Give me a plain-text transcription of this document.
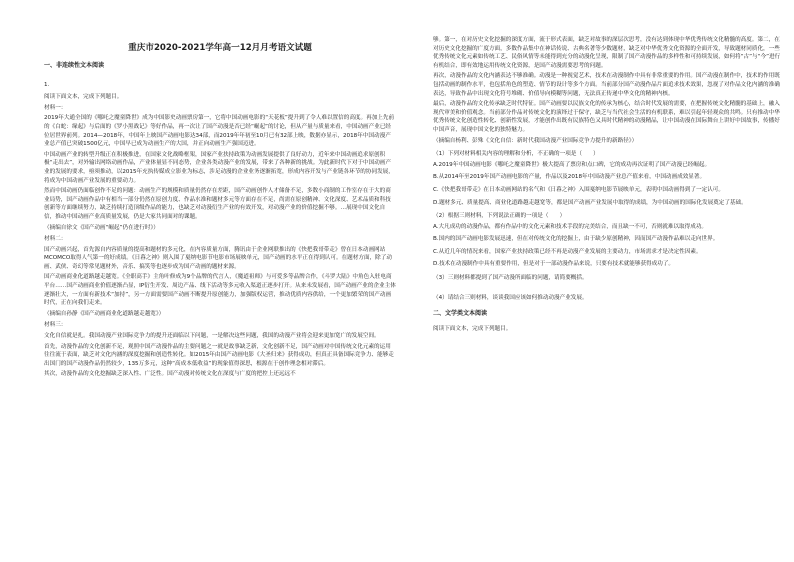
重庆市2020-2021学年高一12月月考语文试题
一、非连续性文本阅读
1.

阅读下面文本，完成下列题目。

材料一：

2019年大通全国的《哪吒之魔童降世》成为中国影史动画票房第一，它将中国动画电影的“天花板”提升到了令人难以置信的高度。再加上先前的《白蛇：缘起》与后面的《罗小黑战记》等好作品，再一次让了国产动漫是否已经“崛起”的讨论，但从产量与质量来看，中国动画产业已经位居世界前列。2014—2018年，中国年上映国产动画电影达34部，而2019年年初至10月已有32部上映，数据亦显示，2018年中国动漫产业总产值已突破1500亿元，中国早已成为动画生产的大国，并正向动画生产强国迈进。

中国动画产业的转型升级正在积极推进，在国家文化战略框架，国家产业扶持政策为动画发展提供了良好动力，近年来中国动画追求原创积极“走出去”，对外输出网络动画作品，产业体量显不同态势，企业各类动漫产业的发展，带来了各种新的挑战。为此新时代下对于中国动画产业的发展的要求，亟须推动，以2015年充执传媒成立影业为标志，涉足动漫的企业业务逐渐拓宽，形成内容开发与产业链各环节的协同发展，将成为中国动画产业发展的重要动力。

然而中国动画仍面临创作不足的问题：动画生产的规模和质量仍然存在差距，国产动画创作人才储备不足，多数小商制的工作室存在于大的商业局势，国产动画作品中有相当一部分仍然在原创力度、作品水准和题材多元等方面存在不足，尚需在原创精神、文化深度、艺术品质和科技创新等方面继续努力，缺乏持续打造顶级作品的能力，也缺乏对动漫衍生产业的有效开发，对动漫产业的价值挖掘不够。…展现中国文化自信，推动中国动画产业高质量发展，仍是大家共同面对的课题。

（摘编自徐文《国产动画“崛起”仍在进行时》）

材料二：

国产动画兴起，首先源自内容质量的提高和题材的多元化，在内容质量方面，腾讯由于企业网联推出的《快把我哥带走》曾在日本动画网站MCOMCO取得人气第一的好成绩。《日暮之神》则入围了戛纳电影节电影市场展映单元，国产动画的水平正在得到认可。在题材方面，除了动画、武侠、奇幻等常见题材外，音乐、搞笑等也逐步成为国产动画的题材来源。

国产动画商业化道路越走越宽。《全职高手》主角叶修成为9个品牌的代言人，《魔道祖师》与可爱多等品牌合作，《斗罗大陆》中角色入驻电商平台……国产动画商业价值逐渐凸显，IP衍生开发、周边产品、线下活动等多元收入渠道正逐步打开。从来未发展看，国产动画产业的企业主体逐渐壮大，一方面有新技术“加持”，另一方面需要国产动画不断提升原创能力，加强版权运营，推动优质内容供给，一个更加繁荣的国产动画时代，正在向我们走来。

（摘编自孙静《国产动画商业化道路越走越宽》）

材料三：

文化自信就是扎。我国动漫产业国际竞争力的提升还面临以下问题，一是解决这些问题，我国的动漫产业将会迎来更加宽广的发展空间。

首先，动漫作品的文化创新不足，观照中国产动漫作品的主要问题之一就是故事缺乏新，文化创新不足，国产动画对中国传统文化元素的运用往往流于表面，缺乏对文化内涵的深度挖掘和创造性转化。如2015年由国产动画电影《大圣归来》获得成功，但真正具备国际竞争力、能够走出国门的国产动漫作品仍然较少，135万多元，这种“高成本低收益”的现象值得深思，根源在于创作理念相对滞后。

其次，动漫作品的文化挖掘缺乏深入性、广泛性。国产动漫对传统文化在深度与广度的把控上还远远不

够。第一，在对历史文化挖掘的深度方面，流于形式表面，缺乏对故事的深层次思考，没有达到体现中华优秀传统文化精髓的高度。第二，在对历史文化挖掘的广度方面，多数作品集中在神话传说、古典名著等少数题材，缺乏对中华优秀文化资源的全面开发，导致题材同质化，一些优秀传统文化元素如传统工艺、民俗风情等未能得到充分的动漫化呈现，限制了国产动漫作品的多样性和可持续发展，如何将“古”与“今”进行有机结合，即有效地运用传统文化资源，是国产动漫需要思考的问题。

再次，动漫作品的文化内涵表达不够准确。动漫是一种视觉艺术，技术在动漫制作中具有非常重要的作用。国产动漫在制作中，技术的作用既包括动画的制作水平，也包括角色的塑造、情节的设计等多个方面。当前部分国产动漫作品片面追求技术效果，忽视了对作品文化内涵的准确表达，导致作品中出现文化符号堆砌、价值导向模糊等问题，无法真正传递中华文化的精神内核。

最后，动漫作品的文化传承缺乏时代特征。国产动画要以民族文化的传承为核心，结合时代发展的需要，在把握传统文化精髓的基础上，融入现代审美和价值观念。当前部分作品对传统文化的演绎过于保守，缺乏与当代社会生活的有机联系，难以引起年轻观众的共鸣。只有推动中华优秀传统文化创造性转化、创新性发展，才能创作出既有民族特色又具时代精神的动漫精品，让中国动漫在国际舞台上讲好中国故事，传播好中国声音，展现中国文化的独特魅力。

（摘编自杨利、彭殊《文化自信：新时代我国动漫产业国际竞争力提升的新路径》）

（1）下列对材料相关内容的理解和分析，不正确的一项是（　　）

A.2019年中国动画电影《哪吒之魔童降世》极大提高了票房和点口碑，它的成功再次证明了国产动漫已经崛起。

B.从2014年至2019年国产动画电影的产量，作品以及2018年中国动漫产业总产值来看，中国动画成效显著。

C.《快把我哥带走》在日本动画网站的名气和《日暮之神》入围戛纳电影节展映单元，表明中国动画得到了一定认可。

D.题材多元、质量提高、商业化道路越走越宽等，都是国产动画产业发展中取得的成绩，为中国动画的国际化发展奠定了基础。

（2）根据三则材料，下列说法正确的一项是（　　）

A.大凡成功的动漫作品，都有作品中的文化元素和技术手段的完美结合，而且缺一不可，否则就难以取得成功。

B.国内的国产动画电影发展迅速，但在对传统文化的挖掘上，由于缺少原创精神，因而国产动漫作品难以走向世界。

C.从近几年的情况来看，国家产业扶持政策已经不再是动漫产业发展的主要动力，市场需求才是决定性因素。

D.技术在动漫制作中具有重要作用，但是对于一部动漫作品来说，只要有技术就能够获得成功了。

（3）三则材料都提到了国产动漫所面临的问题，请简要概括。

（4）请结合三则材料，谈谈我国应该如何推动动漫产业发展。

二、文学类文本阅读

阅读下面文本，完成下列题目。
